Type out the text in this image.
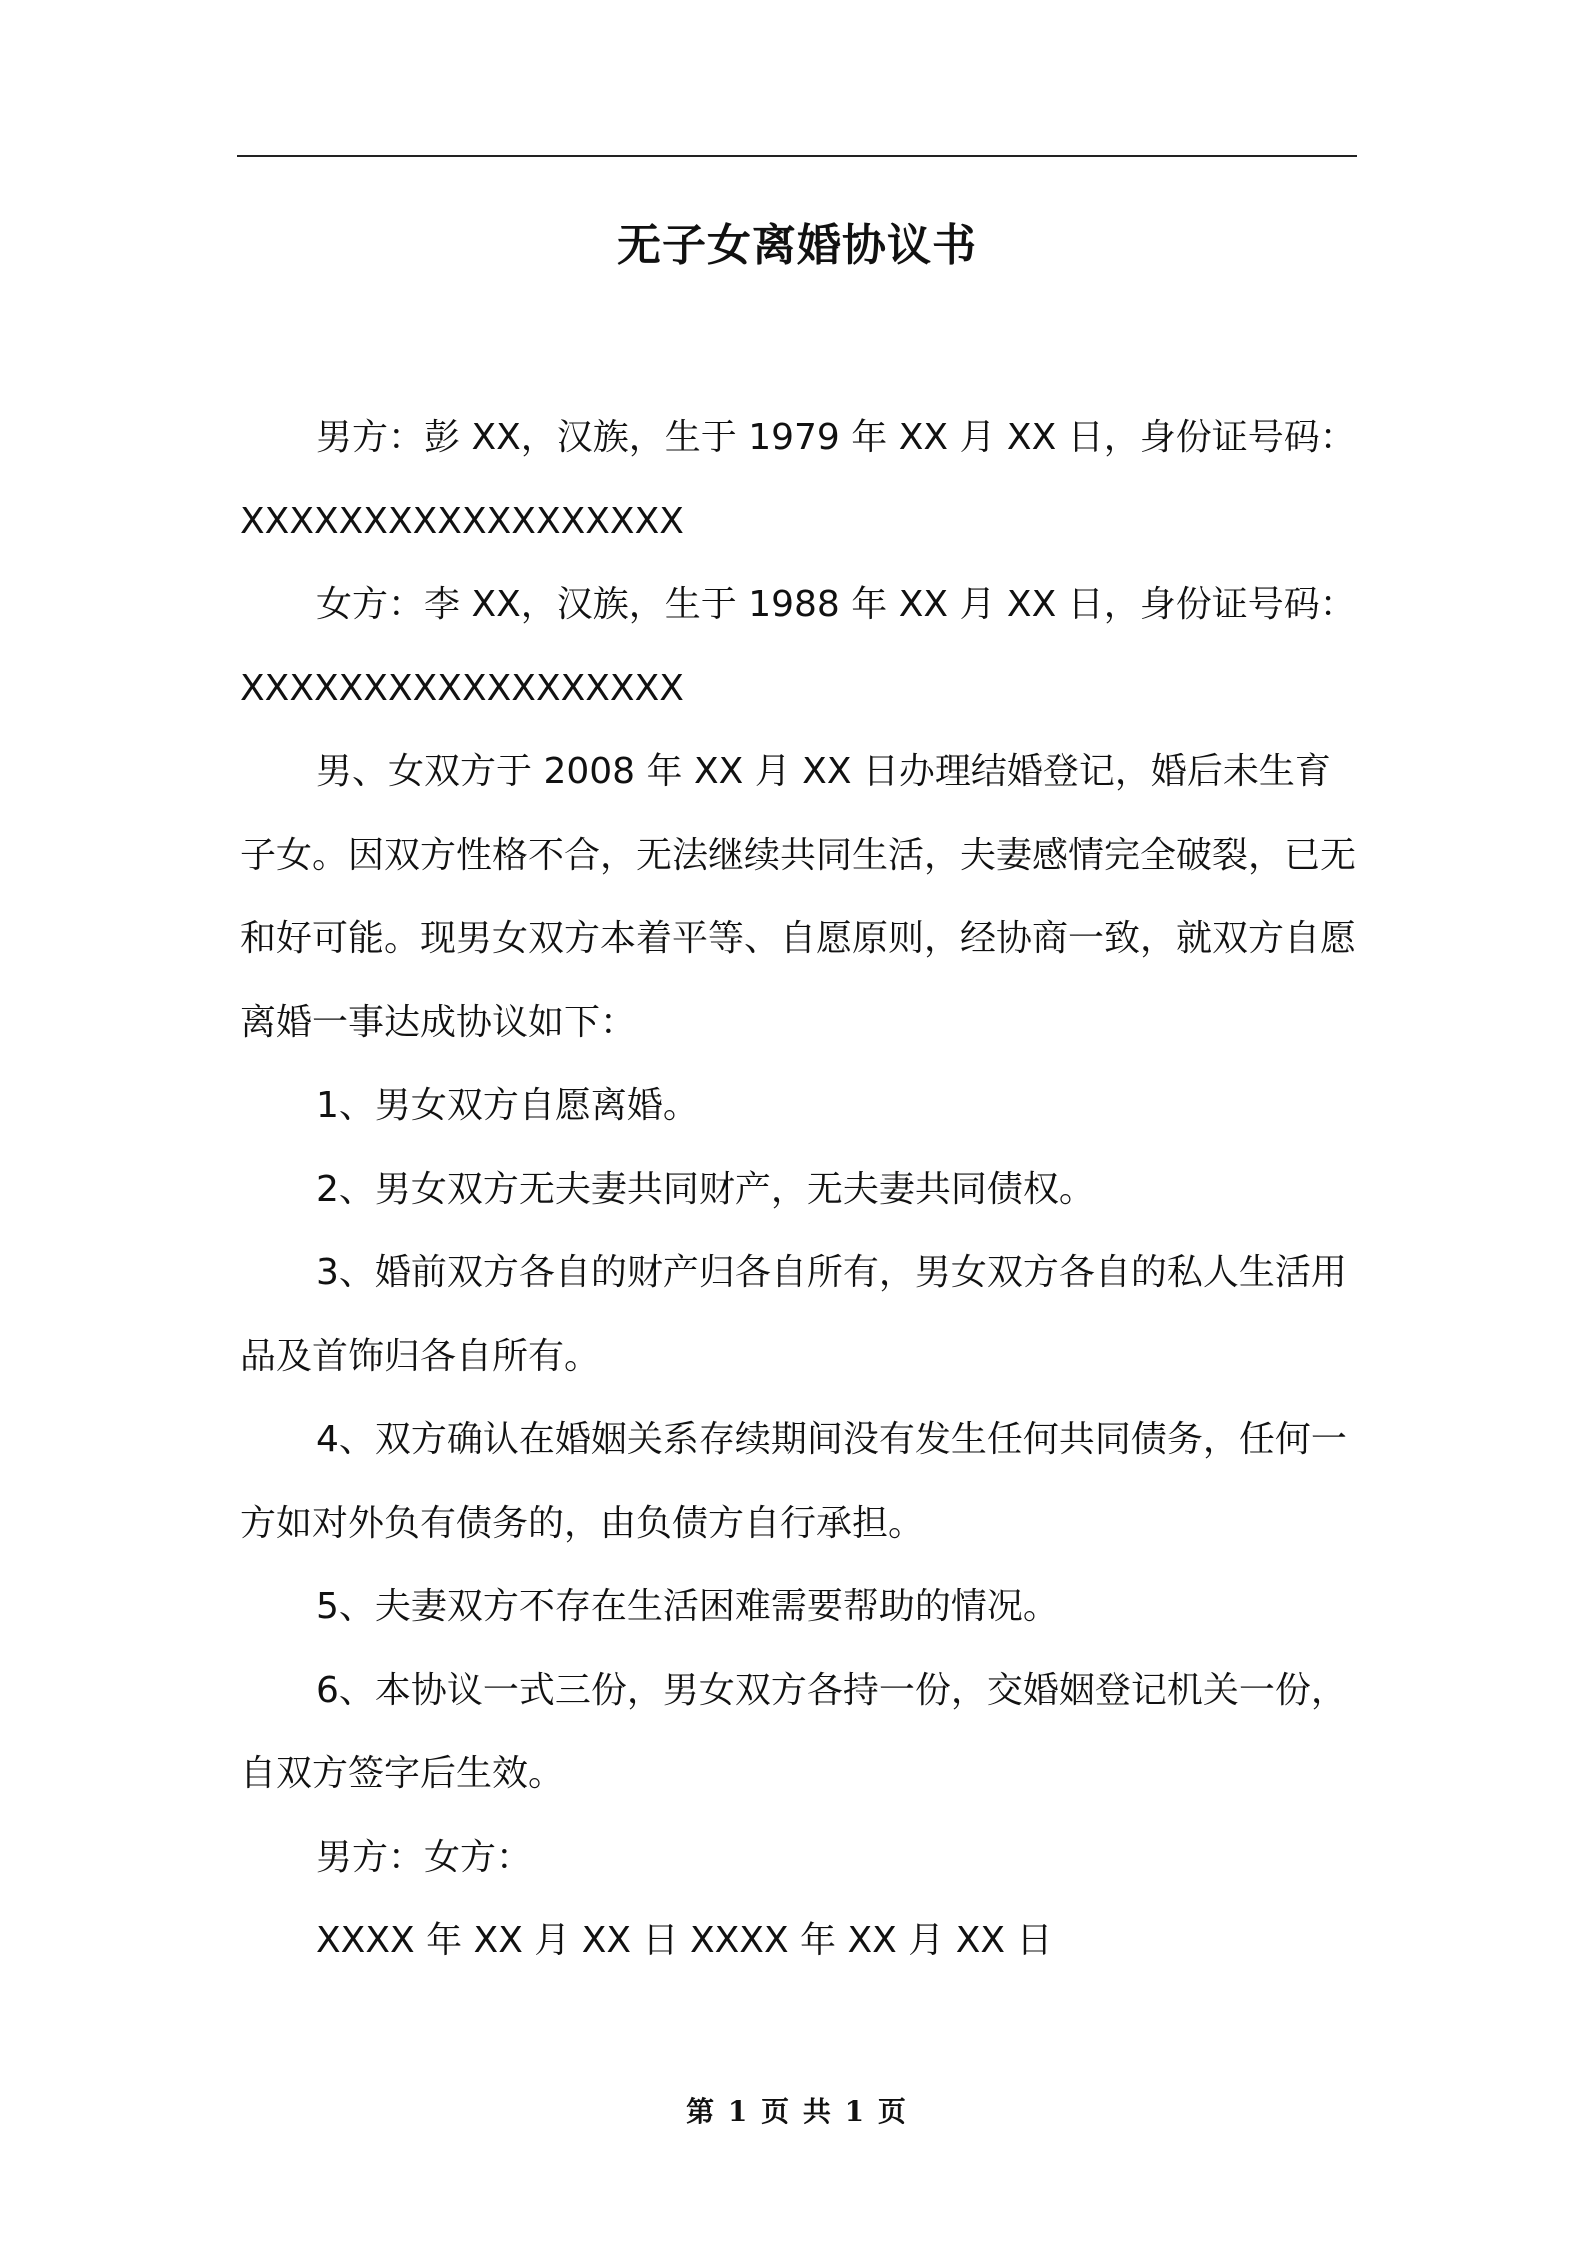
无子女离婚协议书

男方：彭 XX，汉族，生于 1979 年 XX 月 XX 日，身份证号码：XXXXXXXXXXXXXXXXXX

女方：李 XX，汉族，生于 1988 年 XX 月 XX 日，身份证号码：XXXXXXXXXXXXXXXXXX

男、女双方于 2008 年 XX 月 XX 日办理结婚登记，婚后未生育子女。因双方性格不合，无法继续共同生活，夫妻感情完全破裂，已无和好可能。现男女双方本着平等、自愿原则，经协商一致，就双方自愿离婚一事达成协议如下：

1、男女双方自愿离婚。

2、男女双方无夫妻共同财产，无夫妻共同债权。

3、婚前双方各自的财产归各自所有，男女双方各自的私人生活用品及首饰归各自所有。

4、双方确认在婚姻关系存续期间没有发生任何共同债务，任何一方如对外负有债务的，由负债方自行承担。

5、夫妻双方不存在生活困难需要帮助的情况。

6、本协议一式三份，男女双方各持一份，交婚姻登记机关一份，自双方签字后生效。

男方：女方：

XXXX 年 XX 月 XX 日 XXXX 年 XX 月 XX 日

第 1 页 共 1 页
